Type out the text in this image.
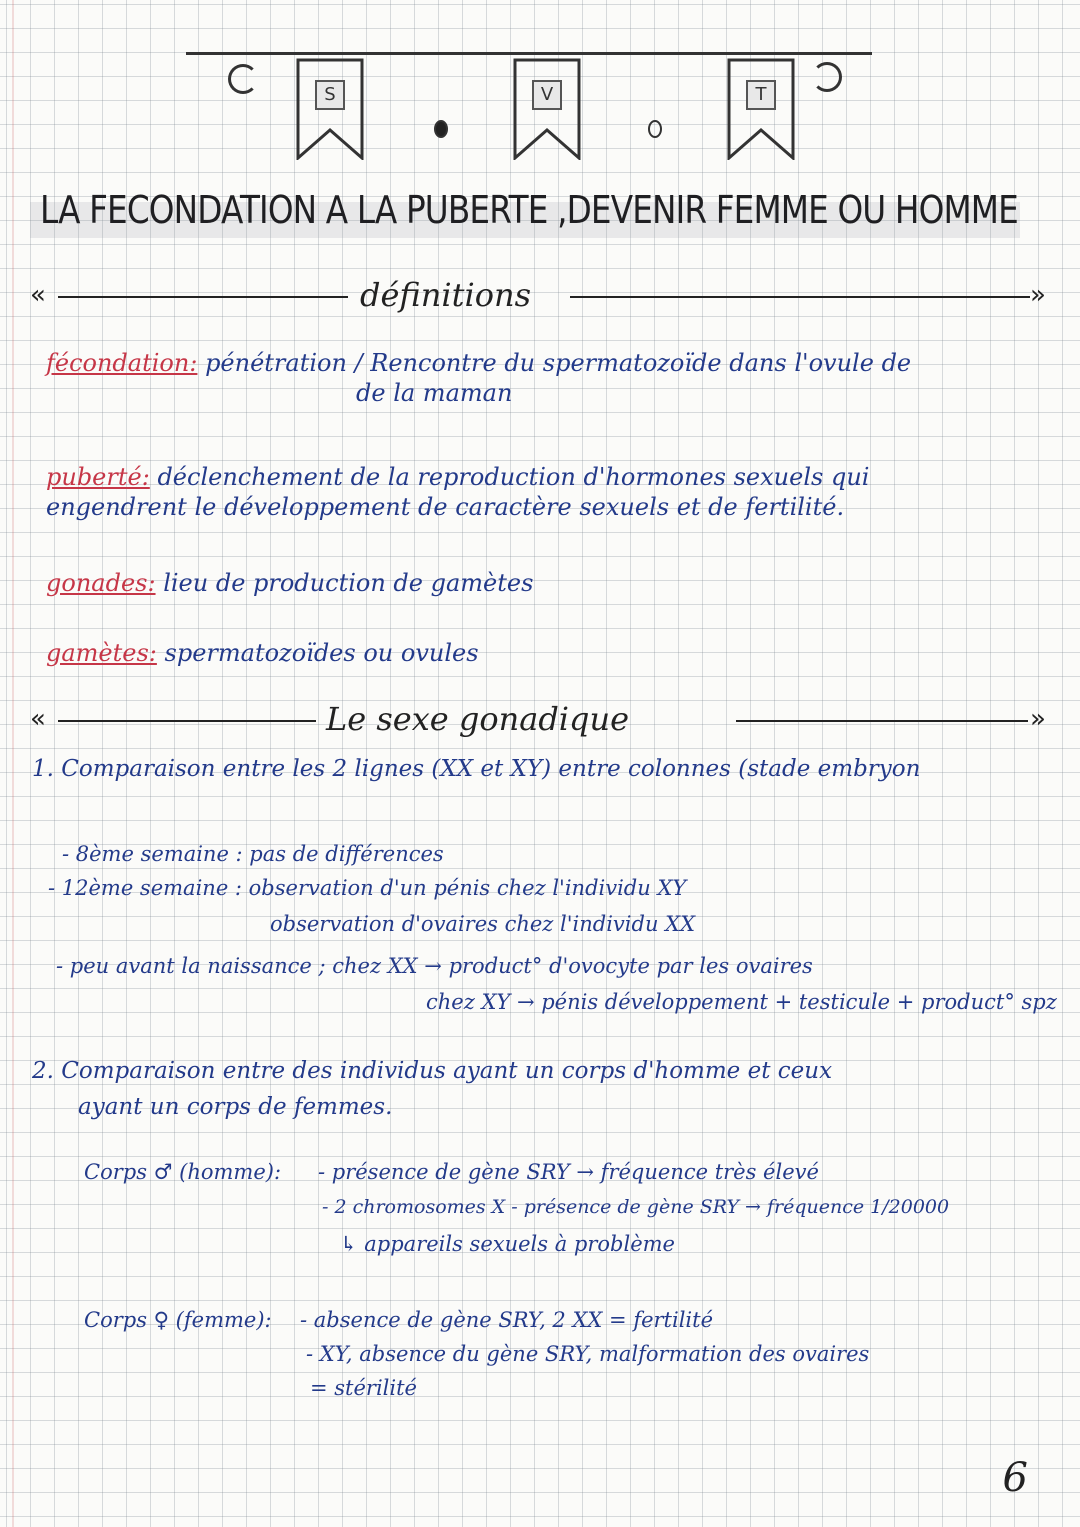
S	V	T
LA FECONDATION A LA PUBERTE ,DEVENIR FEMME OU HOMME
«	définitions	»
fécondation: pénétration / Rencontre du spermatozoïde dans l'ovule de
de la maman
puberté: déclenchement de la reproduction d'hormones sexuels qui
engendrent le développement de caractère sexuels et de fertilité.
gonades: lieu de production de gamètes
gamètes: spermatozoïdes ou ovules
«	Le sexe gonadique	»
1. Comparaison entre les 2 lignes (XX et XY) entre colonnes (stade embryon
- 8ème semaine : pas de différences
- 12ème semaine : observation d'un pénis chez l'individu XY
observation d'ovaires chez l'individu XX
- peu avant la naissance ; chez XX → product° d'ovocyte par les ovaires
chez XY → pénis développement + testicule + product° spz
2. Comparaison entre des individus ayant un corps d'homme et ceux
ayant un corps de femmes.
Corps ♂ (homme): - présence de gène SRY → fréquence très élevé
- 2 chromosomes X - présence de gène SRY → fréquence 1/20000
↳ appareils sexuels à problème
Corps ♀ (femme): - absence de gène SRY, 2 XX = fertilité
- XY, absence du gène SRY, malformation des ovaires
= stérilité
6
